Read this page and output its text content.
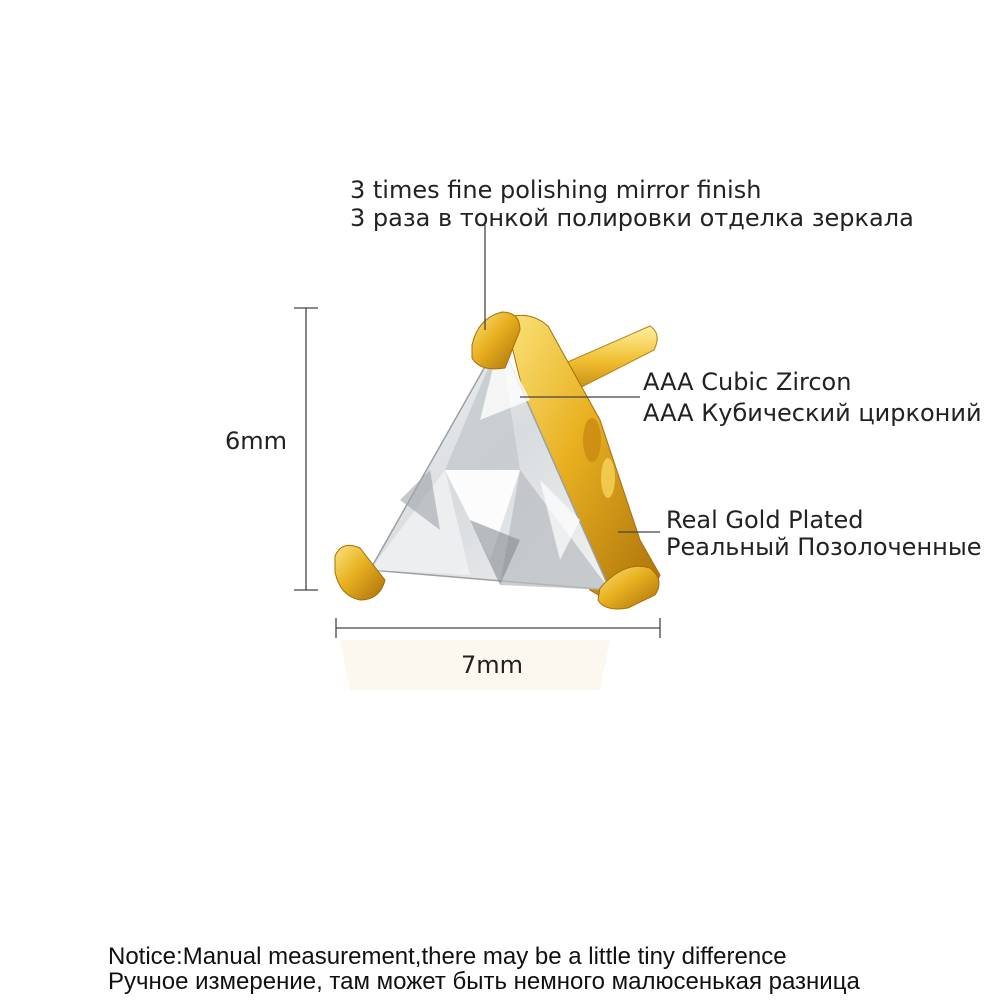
3 times fine polishing mirror finish
3 раза в тонкой полировки отделка зеркала
AAA Cubic Zircon
AAA Кубический цирконий
Real Gold Plated
Реальный Позолоченные
6mm
7mm
Notice:Manual measurement,there may be a little tiny difference
Ручное измерение, там может быть немного малюсенькая разница
